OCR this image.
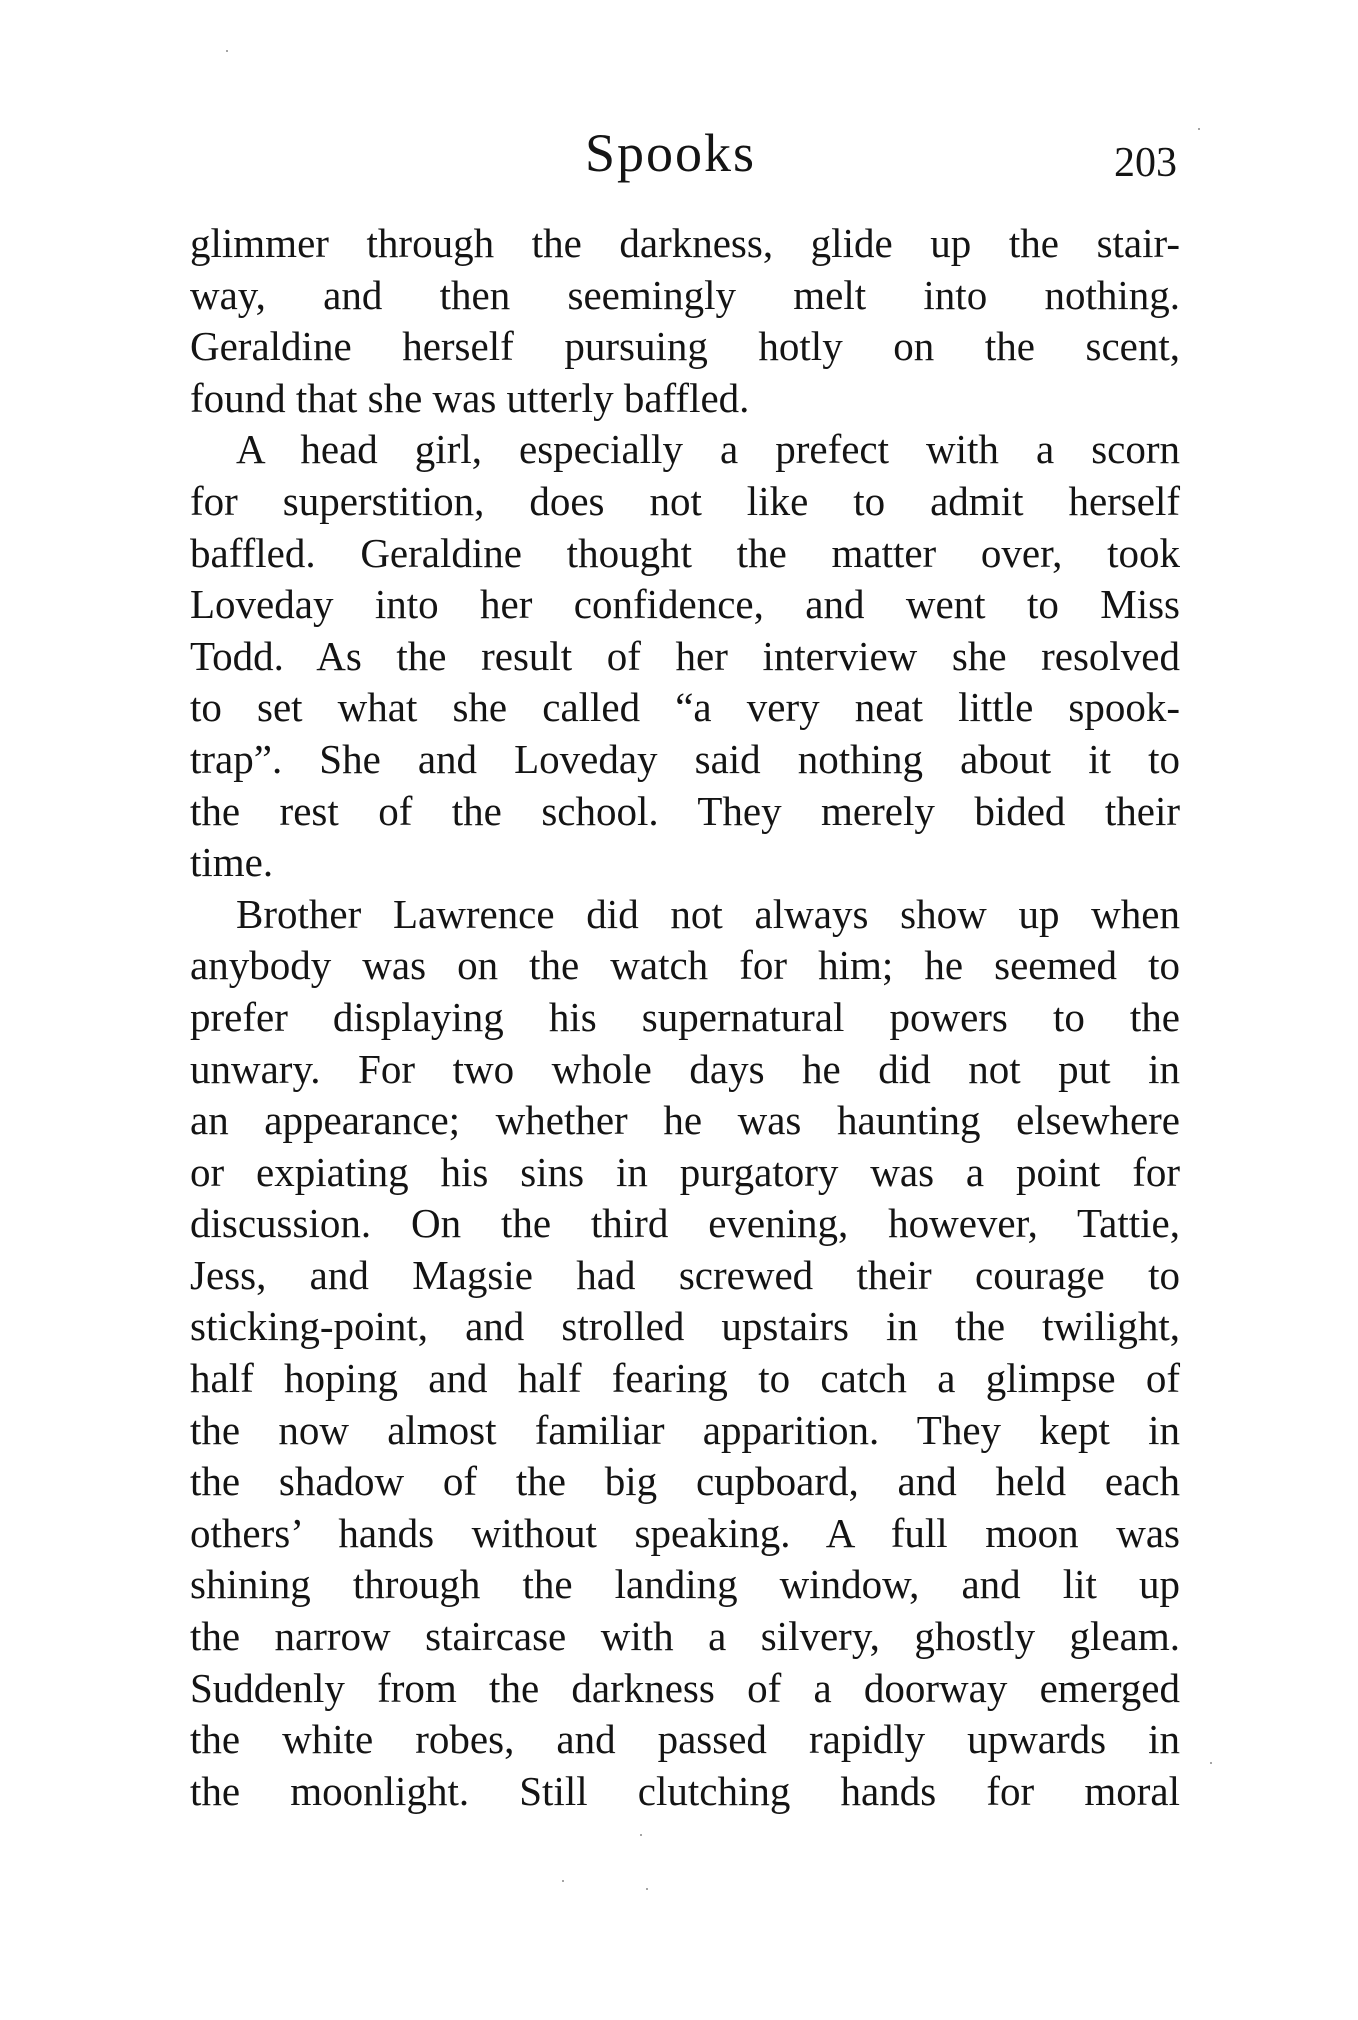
Spooks	203
glimmer through the darkness, glide up the stair-
way, and then seemingly melt into nothing.
Geraldine herself pursuing hotly on the scent,
found that she was utterly baffled.
A head girl, especially a prefect with a scorn
for superstition, does not like to admit herself
baffled. Geraldine thought the matter over, took
Loveday into her confidence, and went to Miss
Todd. As the result of her interview she resolved
to set what she called “a very neat little spook-
trap”. She and Loveday said nothing about it to
the rest of the school. They merely bided their
time.
Brother Lawrence did not always show up when
anybody was on the watch for him; he seemed to
prefer displaying his supernatural powers to the
unwary. For two whole days he did not put in
an appearance; whether he was haunting elsewhere
or expiating his sins in purgatory was a point for
discussion. On the third evening, however, Tattie,
Jess, and Magsie had screwed their courage to
sticking-point, and strolled upstairs in the twilight,
half hoping and half fearing to catch a glimpse of
the now almost familiar apparition. They kept in
the shadow of the big cupboard, and held each
others’ hands without speaking. A full moon was
shining through the landing window, and lit up
the narrow staircase with a silvery, ghostly gleam.
Suddenly from the darkness of a doorway emerged
the white robes, and passed rapidly upwards in
the moonlight. Still clutching hands for moral
